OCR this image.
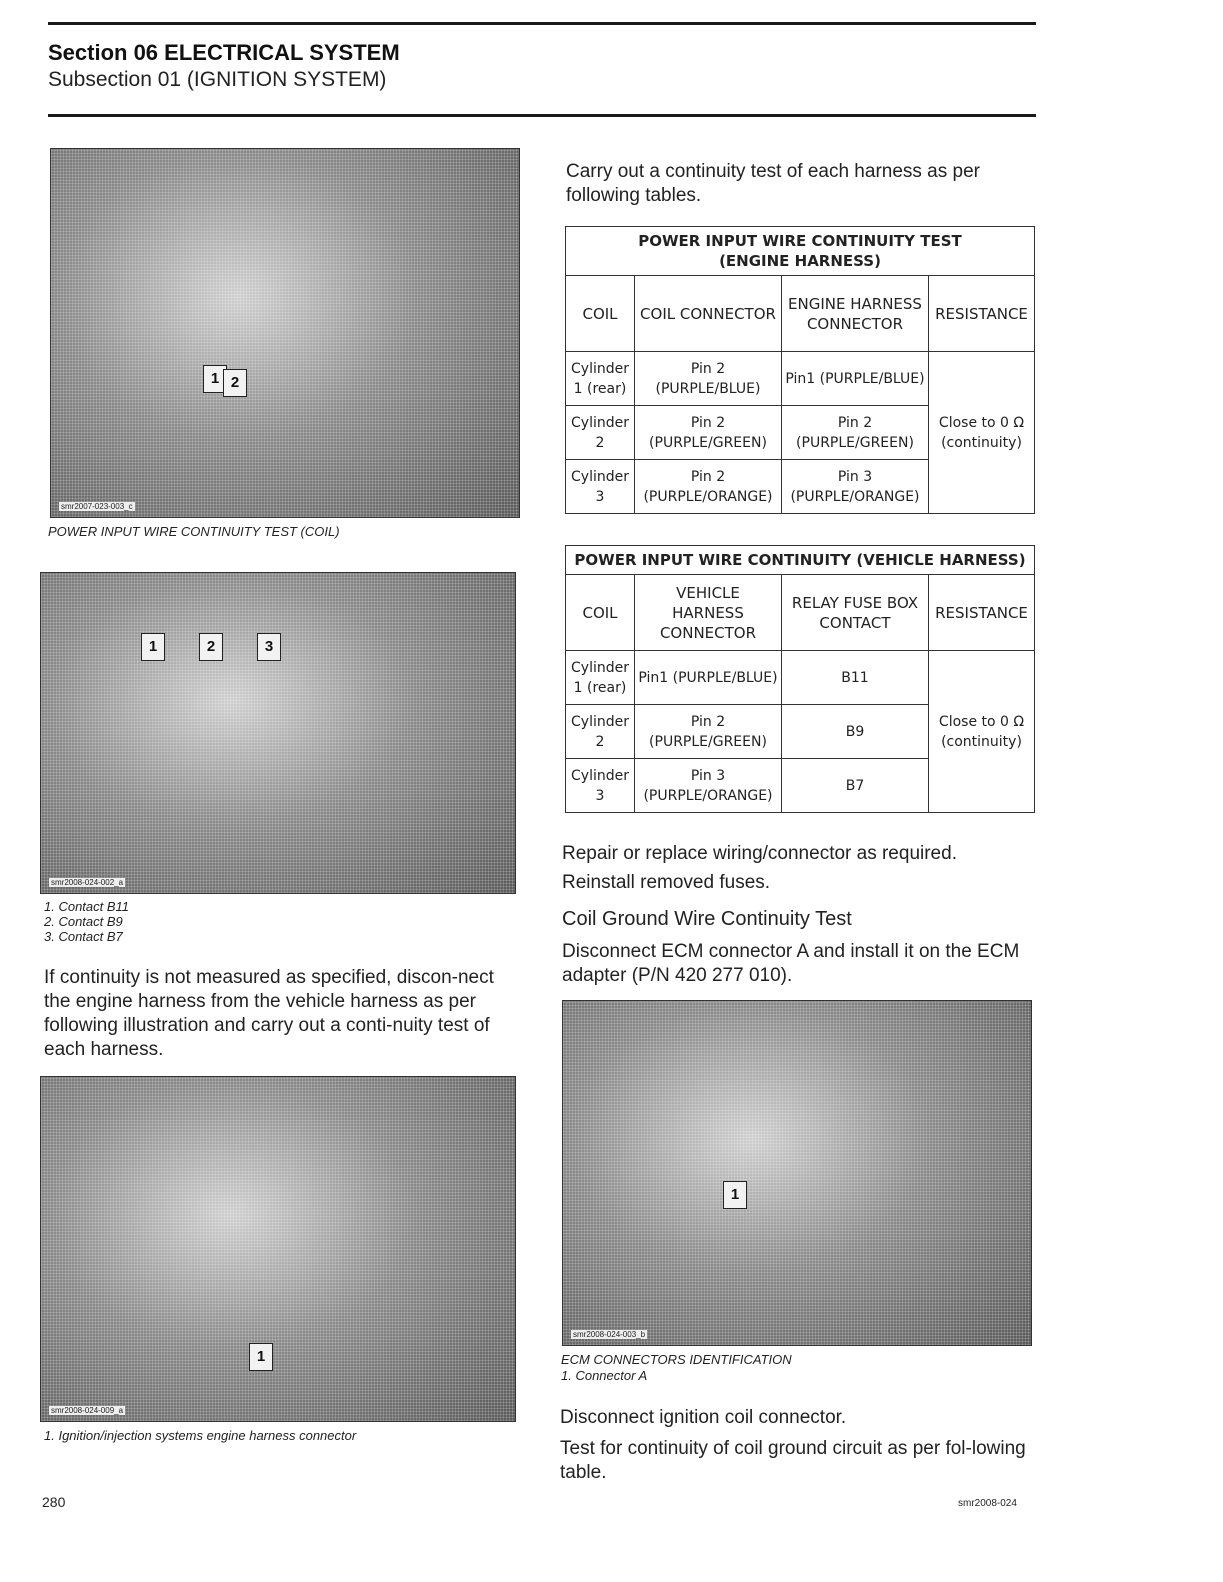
Section 06 ELECTRICAL SYSTEM
Subsection 01 (IGNITION SYSTEM)
1 2
smr2007-023-003_c
POWER INPUT WIRE CONTINUITY TEST (COIL)
1	2	3
smr2008-024-002_a
1. Contact B11
2. Contact B9
3. Contact B7
If continuity is not measured as specified, discon-nect the engine harness from the vehicle harness as per following illustration and carry out a conti-nuity test of each harness.
1
smr2008-024-009_a
1. Ignition/injection systems engine harness connector
Carry out a continuity test of each harness as per following tables.
POWER INPUT WIRE CONTINUITY TEST
(ENGINE HARNESS)			

COIL	COIL CONNECTOR	ENGINE HARNESS CONNECTOR	RESISTANCE
Cylinder 1 (rear)	Pin 2 (PURPLE/BLUE)	Pin1 (PURPLE/BLUE)	Close to 0 Ω (continuity)
Cylinder 2	Pin 2 (PURPLE/GREEN)	Pin 2 (PURPLE/GREEN)	
Cylinder 3	Pin 2 (PURPLE/ORANGE)	Pin 3 (PURPLE/ORANGE)	
POWER INPUT WIRE CONTINUITY (VEHICLE HARNESS)			
COIL	VEHICLE HARNESS CONNECTOR	RELAY FUSE BOX CONTACT	RESISTANCE
Cylinder 1 (rear)	Pin1 (PURPLE/BLUE)	B11	Close to 0 Ω (continuity)
Cylinder 2	Pin 2 (PURPLE/GREEN)	B9	
Cylinder 3	Pin 3 (PURPLE/ORANGE)	B7	
Repair or replace wiring/connector as required.
Reinstall removed fuses.
Coil Ground Wire Continuity Test
Disconnect ECM connector A and install it on the ECM adapter (P/N 420 277 010).
1
smr2008-024-003_b
ECM CONNECTORS IDENTIFICATION
1. Connector A
Disconnect ignition coil connector.
Test for continuity of coil ground circuit as per fol-lowing table.
280	smr2008-024
